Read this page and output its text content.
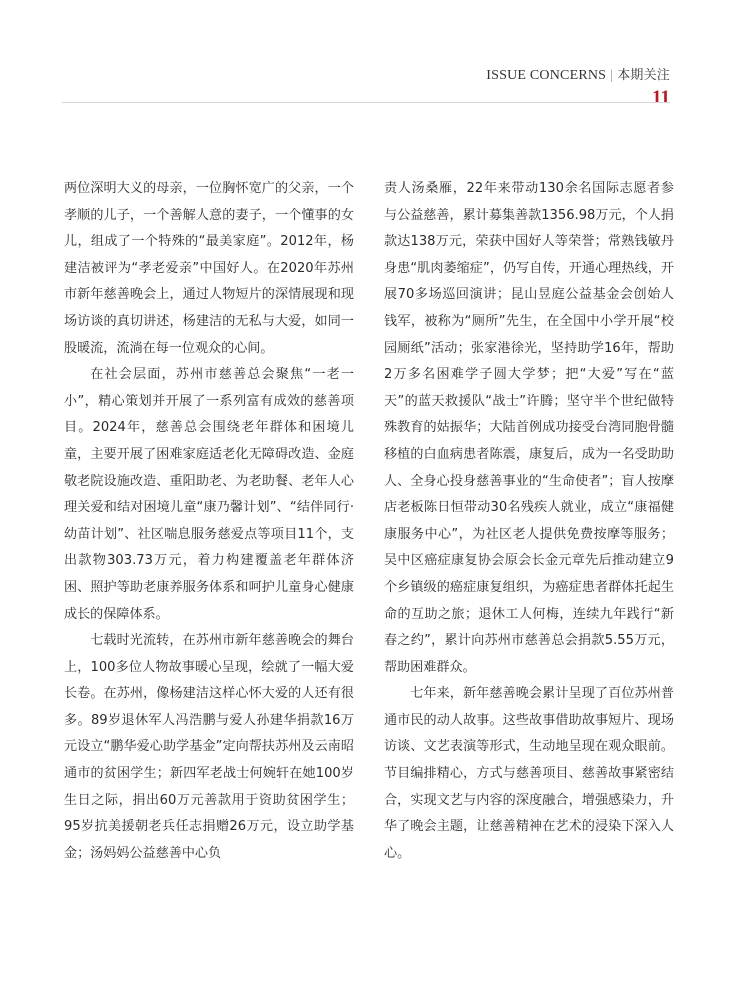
ISSUE CONCERNS | 本期关注
11

两位深明大义的母亲，一位胸怀宽广的父亲，一个孝顺的儿子，一个善解人意的妻子，一个懂事的女儿，组成了一个特殊的“最美家庭”。2012年，杨建洁被评为“孝老爱亲”中国好人。在2020年苏州市新年慈善晚会上，通过人物短片的深情展现和现场访谈的真切讲述，杨建洁的无私与大爱，如同一股暖流，流淌在每一位观众的心间。

在社会层面，苏州市慈善总会聚焦“一老一小”，精心策划并开展了一系列富有成效的慈善项目。2024年，慈善总会围绕老年群体和困境儿童，主要开展了困难家庭适老化无障碍改造、金庭敬老院设施改造、重阳助老、为老助餐、老年人心理关爱和结对困境儿童“康乃馨计划”、“结伴同行·幼苗计划”、社区喘息服务慈爱点等项目11个，支出款物303.73万元，着力构建覆盖老年群体济困、照护等助老康养服务体系和呵护儿童身心健康成长的保障体系。

七载时光流转，在苏州市新年慈善晚会的舞台上，100多位人物故事暖心呈现，绘就了一幅大爱长卷。在苏州，像杨建洁这样心怀大爱的人还有很多。89岁退休军人冯浩鹏与爱人孙建华捐款16万元设立“鹏华爱心助学基金”定向帮扶苏州及云南昭通市的贫困学生；新四军老战士何婉轩在她100岁生日之际，捐出60万元善款用于资助贫困学生；95岁抗美援朝老兵任志捐赠26万元，设立助学基金；汤妈妈公益慈善中心负

责人汤桑雁，22年来带动130余名国际志愿者参与公益慈善，累计募集善款1356.98万元，个人捐款达138万元，荣获中国好人等荣誉；常熟钱敏丹身患“肌肉萎缩症”，仍写自传，开通心理热线，开展70多场巡回演讲；昆山昱庭公益基金会创始人钱军，被称为“厕所”先生，在全国中小学开展“校园厕纸”活动；张家港徐光，坚持助学16年，帮助2万多名困难学子圆大学梦；把“大爱”写在“蓝天”的蓝天救援队“战士”许腾；坚守半个世纪做特殊教育的姑振华；大陆首例成功接受台湾同胞骨髓移植的白血病患者陈震，康复后，成为一名受助助人、全身心投身慈善事业的“生命使者”；盲人按摩店老板陈日恒带动30名残疾人就业，成立“康福健康服务中心”，为社区老人提供免费按摩等服务；吴中区癌症康复协会原会长金元章先后推动建立9个乡镇级的癌症康复组织，为癌症患者群体托起生命的互助之旅；退休工人何梅，连续九年践行“新春之约”，累计向苏州市慈善总会捐款5.55万元，帮助困难群众。

七年来，新年慈善晚会累计呈现了百位苏州普通市民的动人故事。这些故事借助故事短片、现场访谈、文艺表演等形式，生动地呈现在观众眼前。节目编排精心，方式与慈善项目、慈善故事紧密结合，实现文艺与内容的深度融合，增强感染力，升华了晚会主题，让慈善精神在艺术的浸染下深入人心。
